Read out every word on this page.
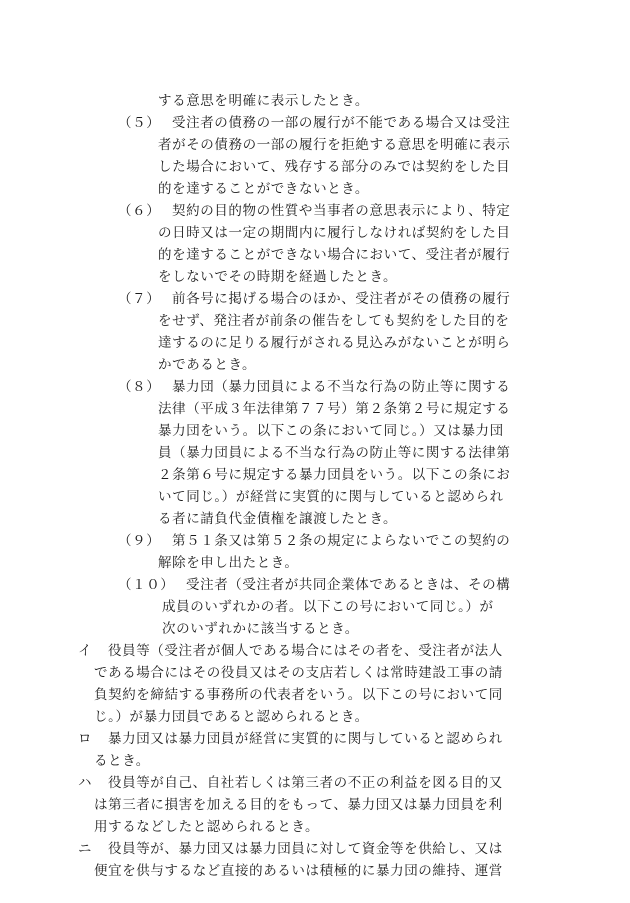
する意思を明確に表示したとき。
（５） 受注者の債務の一部の履行が不能である場合又は受注
者がその債務の一部の履行を拒絶する意思を明確に表示
した場合において、残存する部分のみでは契約をした目
的を達することができないとき。
（６） 契約の目的物の性質や当事者の意思表示により、特定
の日時又は一定の期間内に履行しなければ契約をした目
的を達することができない場合において、受注者が履行
をしないでその時期を経過したとき。
（７） 前各号に掲げる場合のほか、受注者がその債務の履行
をせず、発注者が前条の催告をしても契約をした目的を
達するのに足りる履行がされる見込みがないことが明ら
かであるとき。
（８） 暴力団（暴力団員による不当な行為の防止等に関する
法律（平成３年法律第７７号）第２条第２号に規定する
暴力団をいう。以下この条において同じ。）又は暴力団
員（暴力団員による不当な行為の防止等に関する法律第
２条第６号に規定する暴力団員をいう。以下この条にお
いて同じ。）が経営に実質的に関与していると認められ
る者に請負代金債権を譲渡したとき。
（９） 第５１条又は第５２条の規定によらないでこの契約の
解除を申し出たとき。
（１０） 受注者（受注者が共同企業体であるときは、その構
成員のいずれかの者。以下この号において同じ。）が
次のいずれかに該当するとき。
イ 役員等（受注者が個人である場合にはその者を、受注者が法人
である場合にはその役員又はその支店若しくは常時建設工事の請
負契約を締結する事務所の代表者をいう。以下この号において同
じ。）が暴力団員であると認められるとき。
ロ 暴力団又は暴力団員が経営に実質的に関与していると認められ
るとき。
ハ 役員等が自己、自社若しくは第三者の不正の利益を図る目的又
は第三者に損害を加える目的をもって、暴力団又は暴力団員を利
用するなどしたと認められるとき。
ニ 役員等が、暴力団又は暴力団員に対して資金等を供給し、又は
便宜を供与するなど直接的あるいは積極的に暴力団の維持、運営
